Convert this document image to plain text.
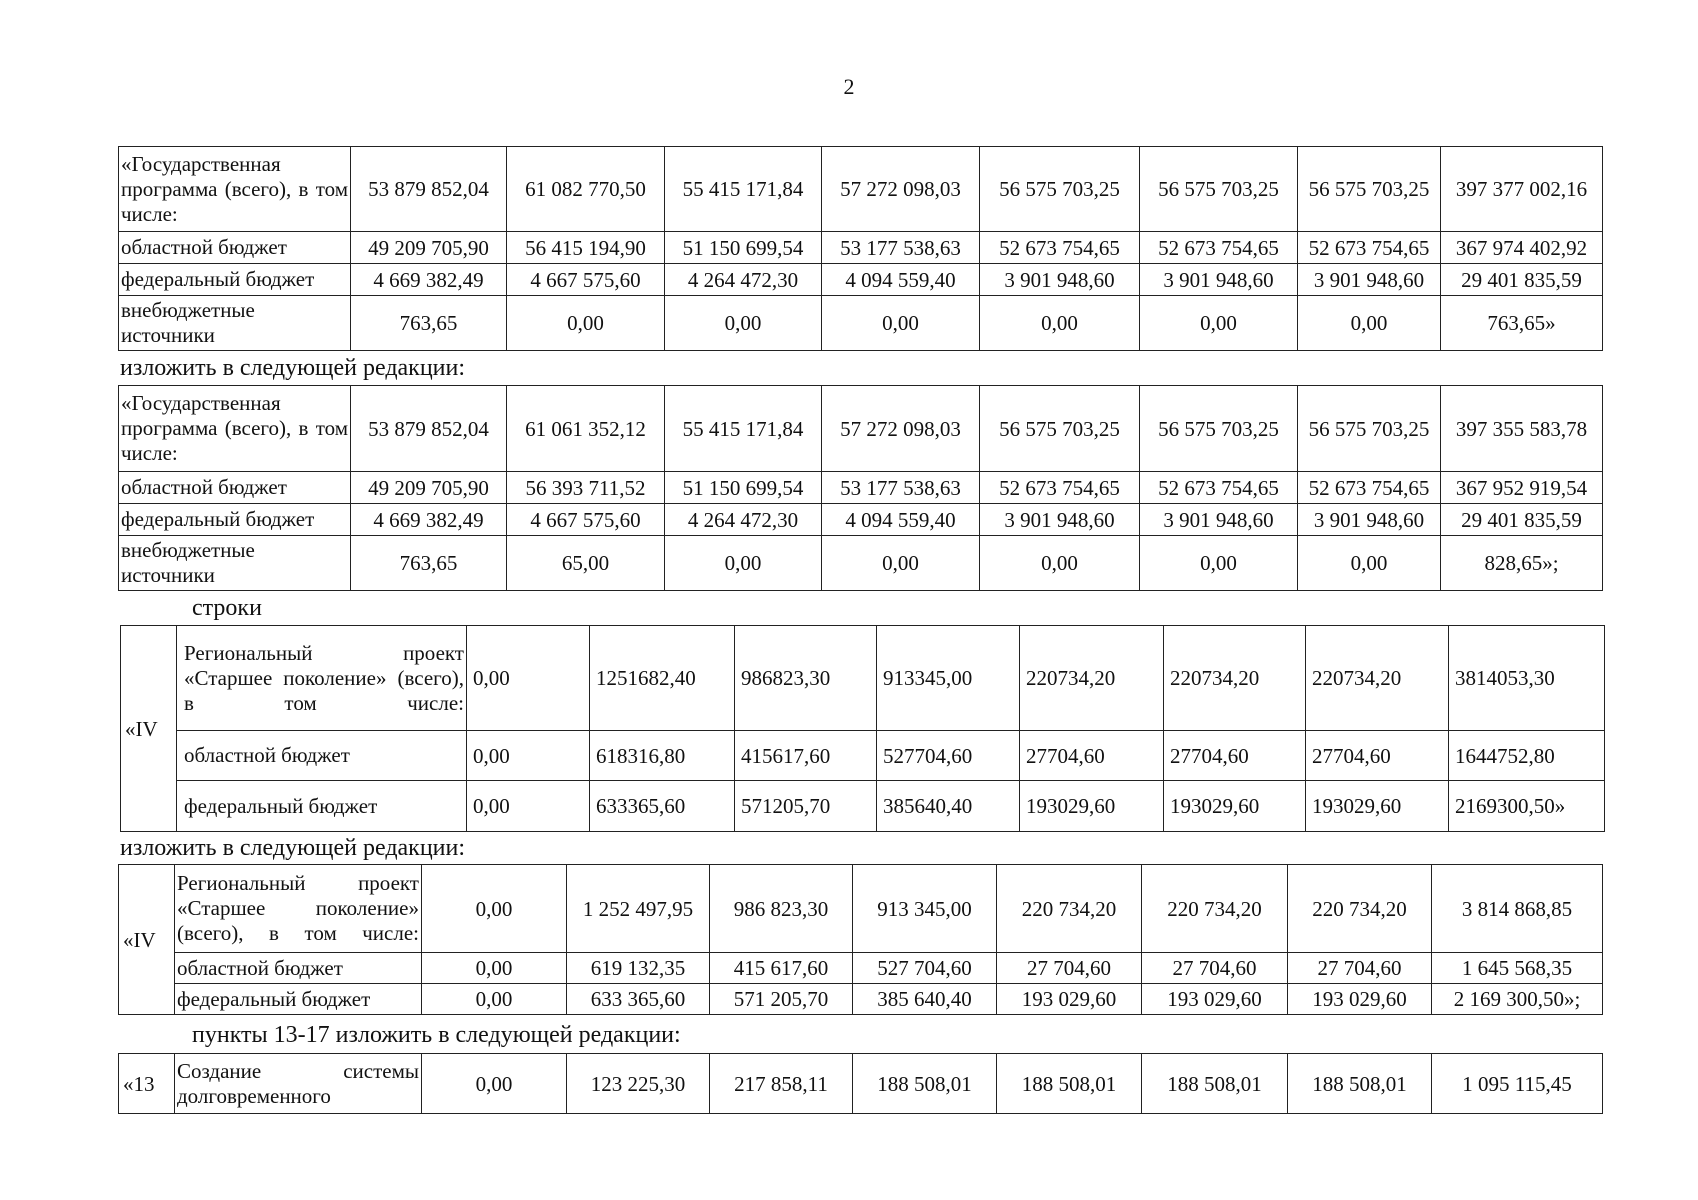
2
«Государственная программа (всего), в том числе:	53 879 852,04	61 082 770,50	55 415 171,84	57 272 098,03	56 575 703,25	56 575 703,25	56 575 703,25	397 377 002,16
областной бюджет	49 209 705,90	56 415 194,90	51 150 699,54	53 177 538,63	52 673 754,65	52 673 754,65	52 673 754,65	367 974 402,92
федеральный бюджет	4 669 382,49	4 667 575,60	4 264 472,30	4 094 559,40	3 901 948,60	3 901 948,60	3 901 948,60	29 401 835,59
внебюджетные источники	763,65	0,00	0,00	0,00	0,00	0,00	0,00	763,65»
изложить в следующей редакции:
«Государственная программа (всего), в том числе:	53 879 852,04	61 061 352,12	55 415 171,84	57 272 098,03	56 575 703,25	56 575 703,25	56 575 703,25	397 355 583,78
областной бюджет	49 209 705,90	56 393 711,52	51 150 699,54	53 177 538,63	52 673 754,65	52 673 754,65	52 673 754,65	367 952 919,54
федеральный бюджет	4 669 382,49	4 667 575,60	4 264 472,30	4 094 559,40	3 901 948,60	3 901 948,60	3 901 948,60	29 401 835,59
внебюджетные источники	763,65	65,00	0,00	0,00	0,00	0,00	0,00	828,65»;
строки
«IV	Региональный проект «Старшее поколение» (всего), в том числе:	0,00	1251682,40	986823,30	913345,00	220734,20	220734,20	220734,20	3814053,30
	областной бюджет	0,00	618316,80	415617,60	527704,60	27704,60	27704,60	27704,60	1644752,80
	федеральный бюджет	0,00	633365,60	571205,70	385640,40	193029,60	193029,60	193029,60	2169300,50»
изложить в следующей редакции:
«IV	Региональный проект «Старшее поколение» (всего), в том числе:	0,00	1 252 497,95	986 823,30	913 345,00	220 734,20	220 734,20	220 734,20	3 814 868,85
	областной бюджет	0,00	619 132,35	415 617,60	527 704,60	27 704,60	27 704,60	27 704,60	1 645 568,35
	федеральный бюджет	0,00	633 365,60	571 205,70	385 640,40	193 029,60	193 029,60	193 029,60	2 169 300,50»;
пункты 13-17 изложить в следующей редакции:
«13	Создание системы долговременного	0,00	123 225,30	217 858,11	188 508,01	188 508,01	188 508,01	188 508,01	1 095 115,45
